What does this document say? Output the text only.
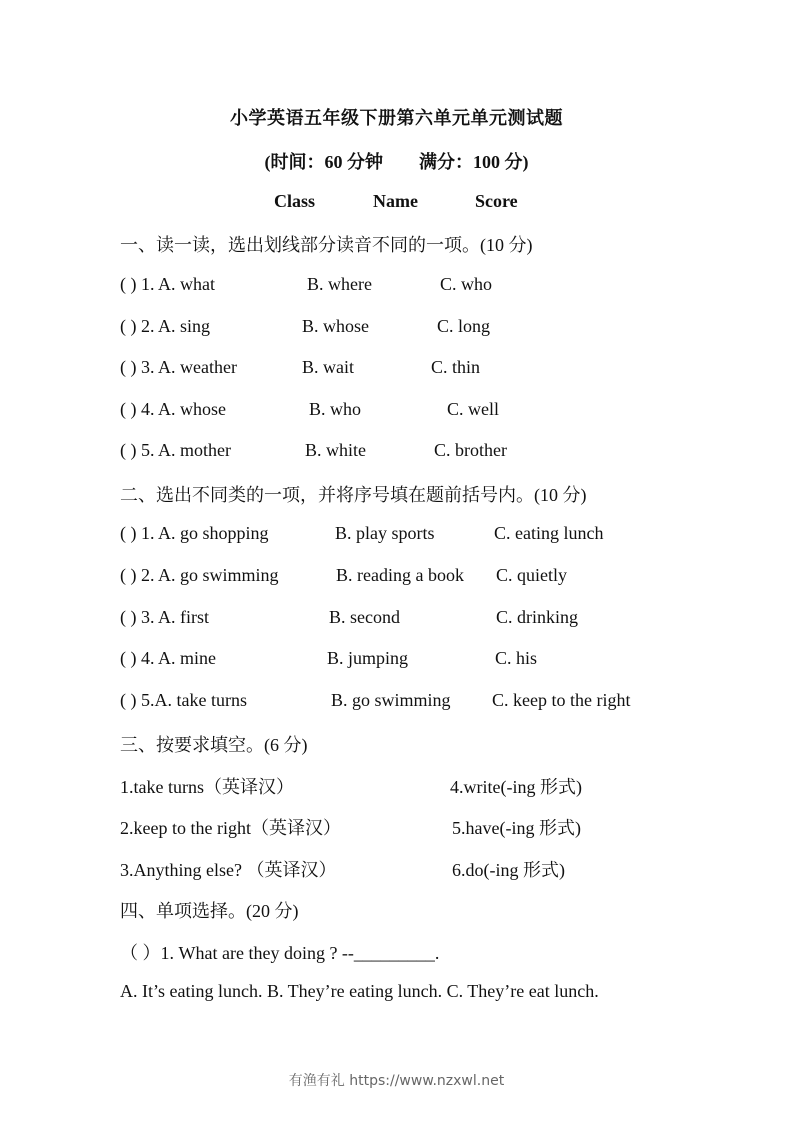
小学英语五年级下册第六单元单元测试题
(时间：60 分钟　　满分：100 分)
Class	Name	Score
一、读一读，选出划线部分读音不同的一项。(10 分)
( ) 1. A. what	B. where	C. who
( ) 2. A. sing	B. whose	C. long
( ) 3. A. weather	B. wait	C. thin
( ) 4. A. whose	B. who	C. well
( ) 5. A. mother	B. white	C. brother
二、选出不同类的一项，并将序号填在题前括号内。(10 分)
( ) 1. A. go shopping	B. play sports	C. eating lunch
( ) 2. A. go swimming	B. reading a book C. quietly
( ) 3. A. first	B. second	C. drinking
( ) 4. A. mine	B. jumping	C. his
( ) 5.A. take turns	B. go swimming C. keep to the right
三、按要求填空。(6 分)
1.take turns（英译汉）	4.write(-ing 形式)
2.keep to the right（英译汉）	5.have(-ing 形式)
3.Anything else? （英译汉）	6.do(-ing 形式)
四、单项选择。(20 分)
（ ）1. What are they doing ? --_________.
A. It’s eating lunch. B. They’re eating lunch. C. They’re eat lunch.
有渔有礼 https://www.nzxwl.net
